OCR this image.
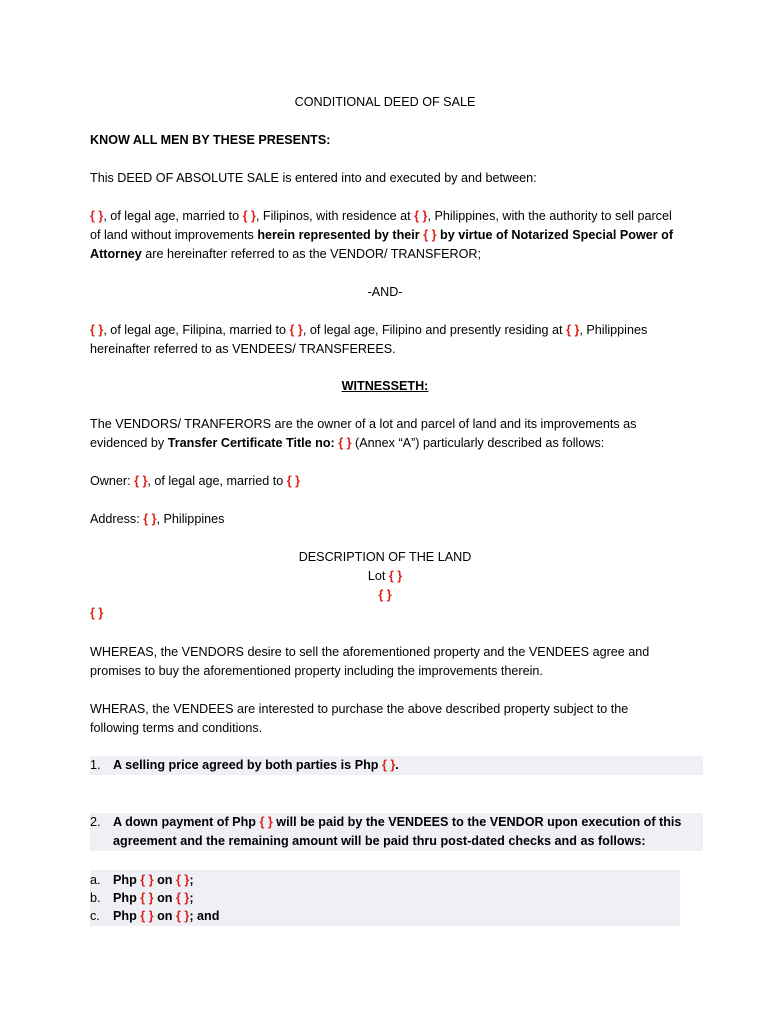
CONDITIONAL DEED OF SALE

KNOW ALL MEN BY THESE PRESENTS:

This DEED OF ABSOLUTE SALE is entered into and executed by and between:

{ }, of legal age, married to { }, Filipinos, with residence at { }, Philippines, with the authority to sell parcel of land without improvements herein represented by their { } by virtue of Notarized Special Power of Attorney are hereinafter referred to as the VENDOR/ TRANSFEROR;

-AND-

{ }, of legal age, Filipina, married to { }, of legal age, Filipino and presently residing at { }, Philippines hereinafter referred to as VENDEES/ TRANSFEREES.

WITNESSETH:

The VENDORS/ TRANFERORS are the owner of a lot and parcel of land and its improvements as evidenced by Transfer Certificate Title no: { } (Annex “A”) particularly described as follows:

Owner: { }, of legal age, married to { }

Address: { }, Philippines

DESCRIPTION OF THE LAND
Lot { }
{ }

{ }

WHEREAS, the VENDORS desire to sell the aforementioned property and the VENDEES agree and promises to buy the aforementioned property including the improvements therein.

WHERAS, the VENDEES are interested to purchase the above described property subject to the following terms and conditions.

1. A selling price agreed by both parties is Php { }.
2. A down payment of Php { } will be paid by the VENDEES to the VENDOR upon execution of this agreement and the remaining amount will be paid thru post-dated checks and as follows:
a. Php { } on { };
b. Php { } on { };
c. Php { } on { }; and
